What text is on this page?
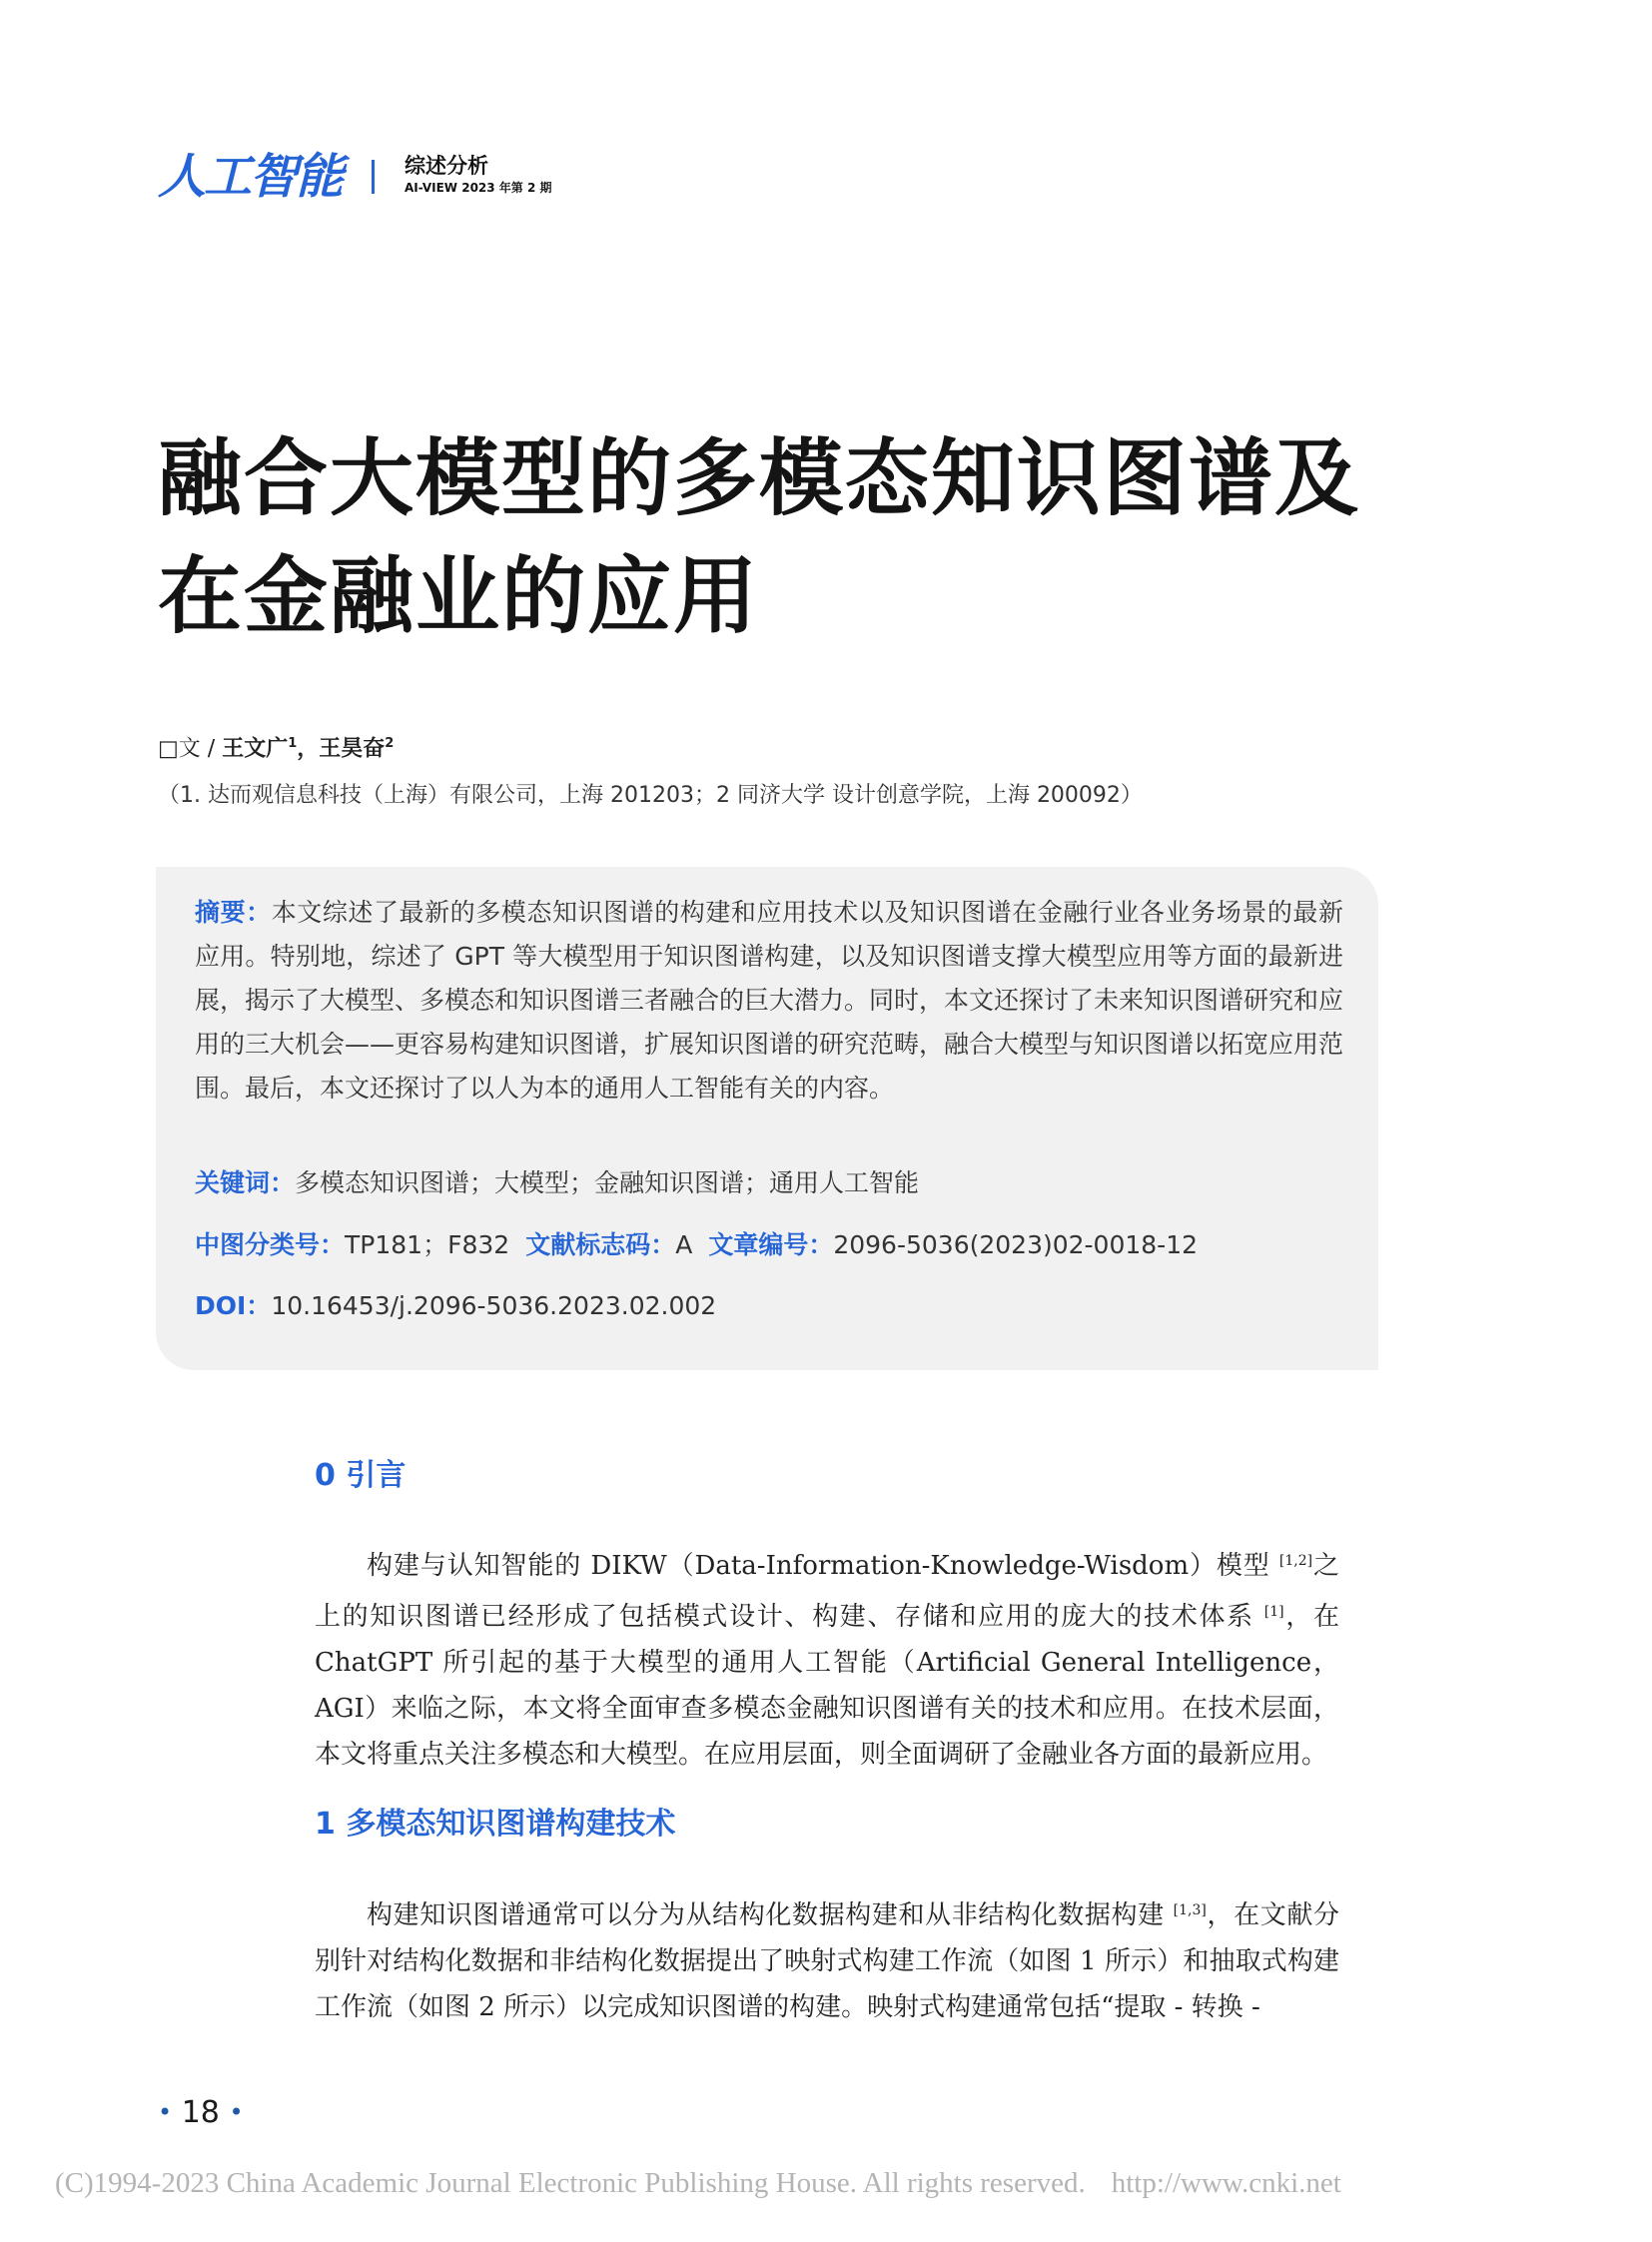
人工智能	综述分析
AI-VIEW 2023 年第 2 期
融合大模型的多模态知识图谱及
在金融业的应用
□文 / 王文广$^1$，王昊奋$^2$
（1. 达而观信息科技（上海）有限公司，上海 201203；2 同济大学 设计创意学院，上海 200092）
摘要：本文综述了最新的多模态知识图谱的构建和应用技术以及知识图谱在金融行业各业务场景的最新应用。特别地，综述了 GPT 等大模型用于知识图谱构建，以及知识图谱支撑大模型应用等方面的最新进展，揭示了大模型、多模态和知识图谱三者融合的巨大潜力。同时，本文还探讨了未来知识图谱研究和应用的三大机会——更容易构建知识图谱，扩展知识图谱的研究范畴，融合大模型与知识图谱以拓宽应用范围。最后，本文还探讨了以人为本的通用人工智能有关的内容。
关键词：多模态知识图谱；大模型；金融知识图谱；通用人工智能
中图分类号：TP181；F832 文献标志码：A 文章编号：2096-5036(2023)02-0018-12
DOI：10.16453/j.2096-5036.2023.02.002
0 引言

构建与认知智能的 DIKW（Data-Information-Knowledge-Wisdom）模型 [1,2]之上的知识图谱已经形成了包括模式设计、构建、存储和应用的庞大的技术体系 [1]，在 ChatGPT 所引起的基于大模型的通用人工智能（Artificial General Intelligence，AGI）来临之际，本文将全面审查多模态金融知识图谱有关的技术和应用。在技术层面，本文将重点关注多模态和大模型。在应用层面，则全面调研了金融业各方面的最新应用。

1 多模态知识图谱构建技术

构建知识图谱通常可以分为从结构化数据构建和从非结构化数据构建 [1,3]，在文献分别针对结构化数据和非结构化数据提出了映射式构建工作流（如图 1 所示）和抽取式构建工作流（如图 2 所示）以完成知识图谱的构建。映射式构建通常包括“提取 - 转换 -

• 18 •
(C)1994-2023 China Academic Journal Electronic Publishing House. All rights reserved. http://www.cnki.net
